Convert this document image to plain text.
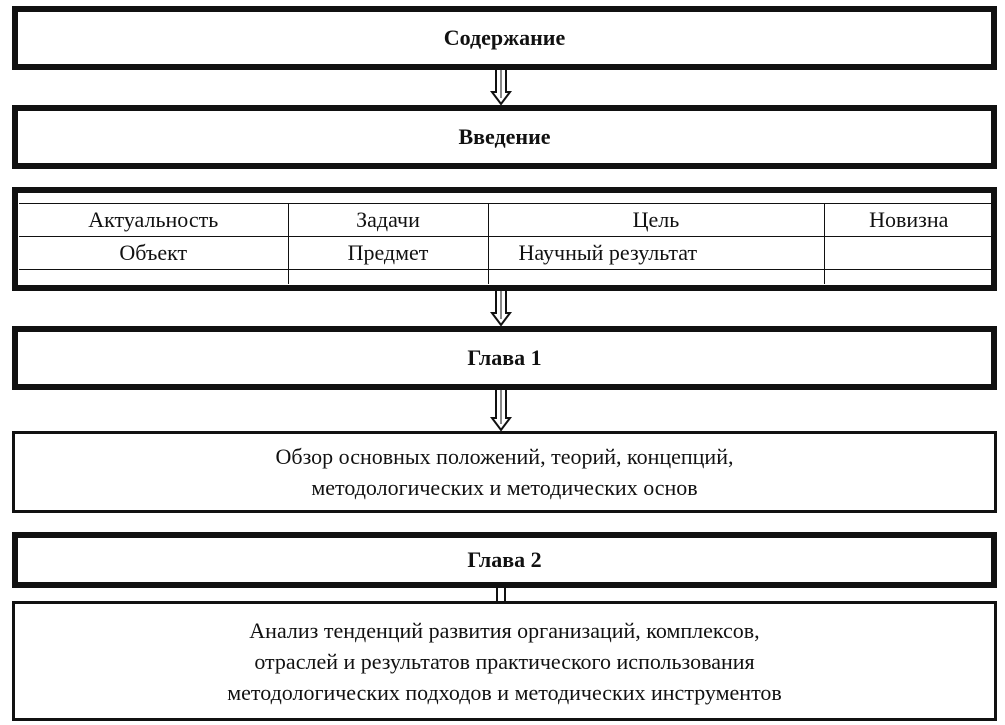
Содержание
Введение
Актуальность	Задачи	Цель	Новизна
Объект	Предмет	Научный результат	

Глава 1
Обзор основных положений, теорий, концепций,
методологических и методических основ
Глава 2
Анализ тенденций развития организаций, комплексов,
отраслей и результатов практического использования
методологических подходов и методических инструментов
